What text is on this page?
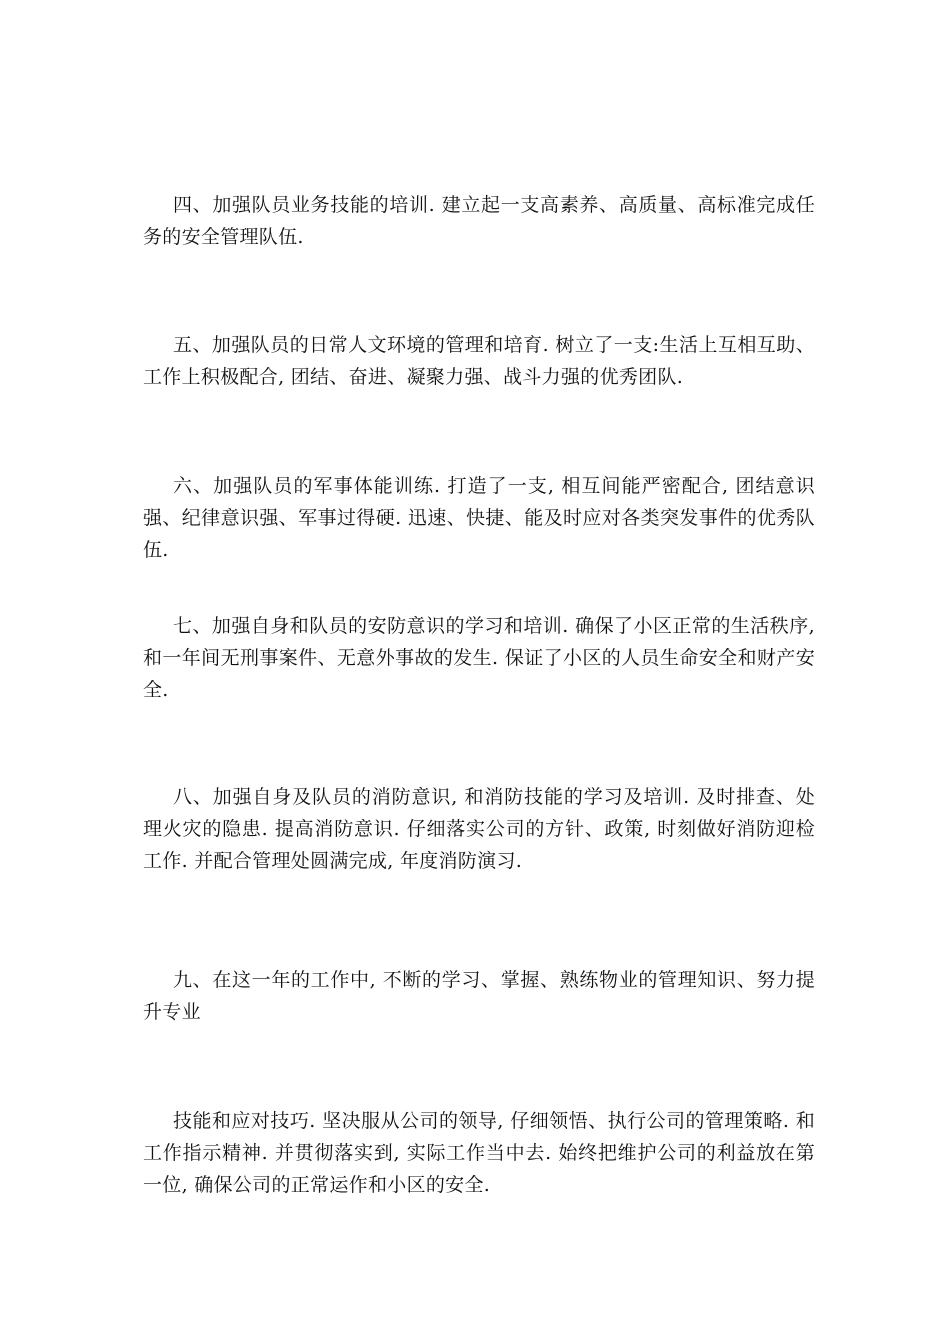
四、加强队员业务技能的培训. 建立起一支高素养、高质量、高标准完成任务的安全管理队伍.

五、加强队员的日常人文环境的管理和培育. 树立了一支:生活上互相互助、工作上积极配合, 团结、奋进、凝聚力强、战斗力强的优秀团队.

六、加强队员的军事体能训练. 打造了一支, 相互间能严密配合, 团结意识强、纪律意识强、军事过得硬. 迅速、快捷、能及时应对各类突发事件的优秀队伍.

七、加强自身和队员的安防意识的学习和培训. 确保了小区正常的生活秩序, 和一年间无刑事案件、无意外事故的发生. 保证了小区的人员生命安全和财产安全.

八、加强自身及队员的消防意识, 和消防技能的学习及培训. 及时排查、处理火灾的隐患. 提高消防意识. 仔细落实公司的方针、政策, 时刻做好消防迎检工作. 并配合管理处圆满完成, 年度消防演习.

九、在这一年的工作中, 不断的学习、掌握、熟练物业的管理知识、努力提升专业

技能和应对技巧. 坚决服从公司的领导, 仔细领悟、执行公司的管理策略. 和工作指示精神. 并贯彻落实到, 实际工作当中去. 始终把维护公司的利益放在第一位, 确保公司的正常运作和小区的安全.
